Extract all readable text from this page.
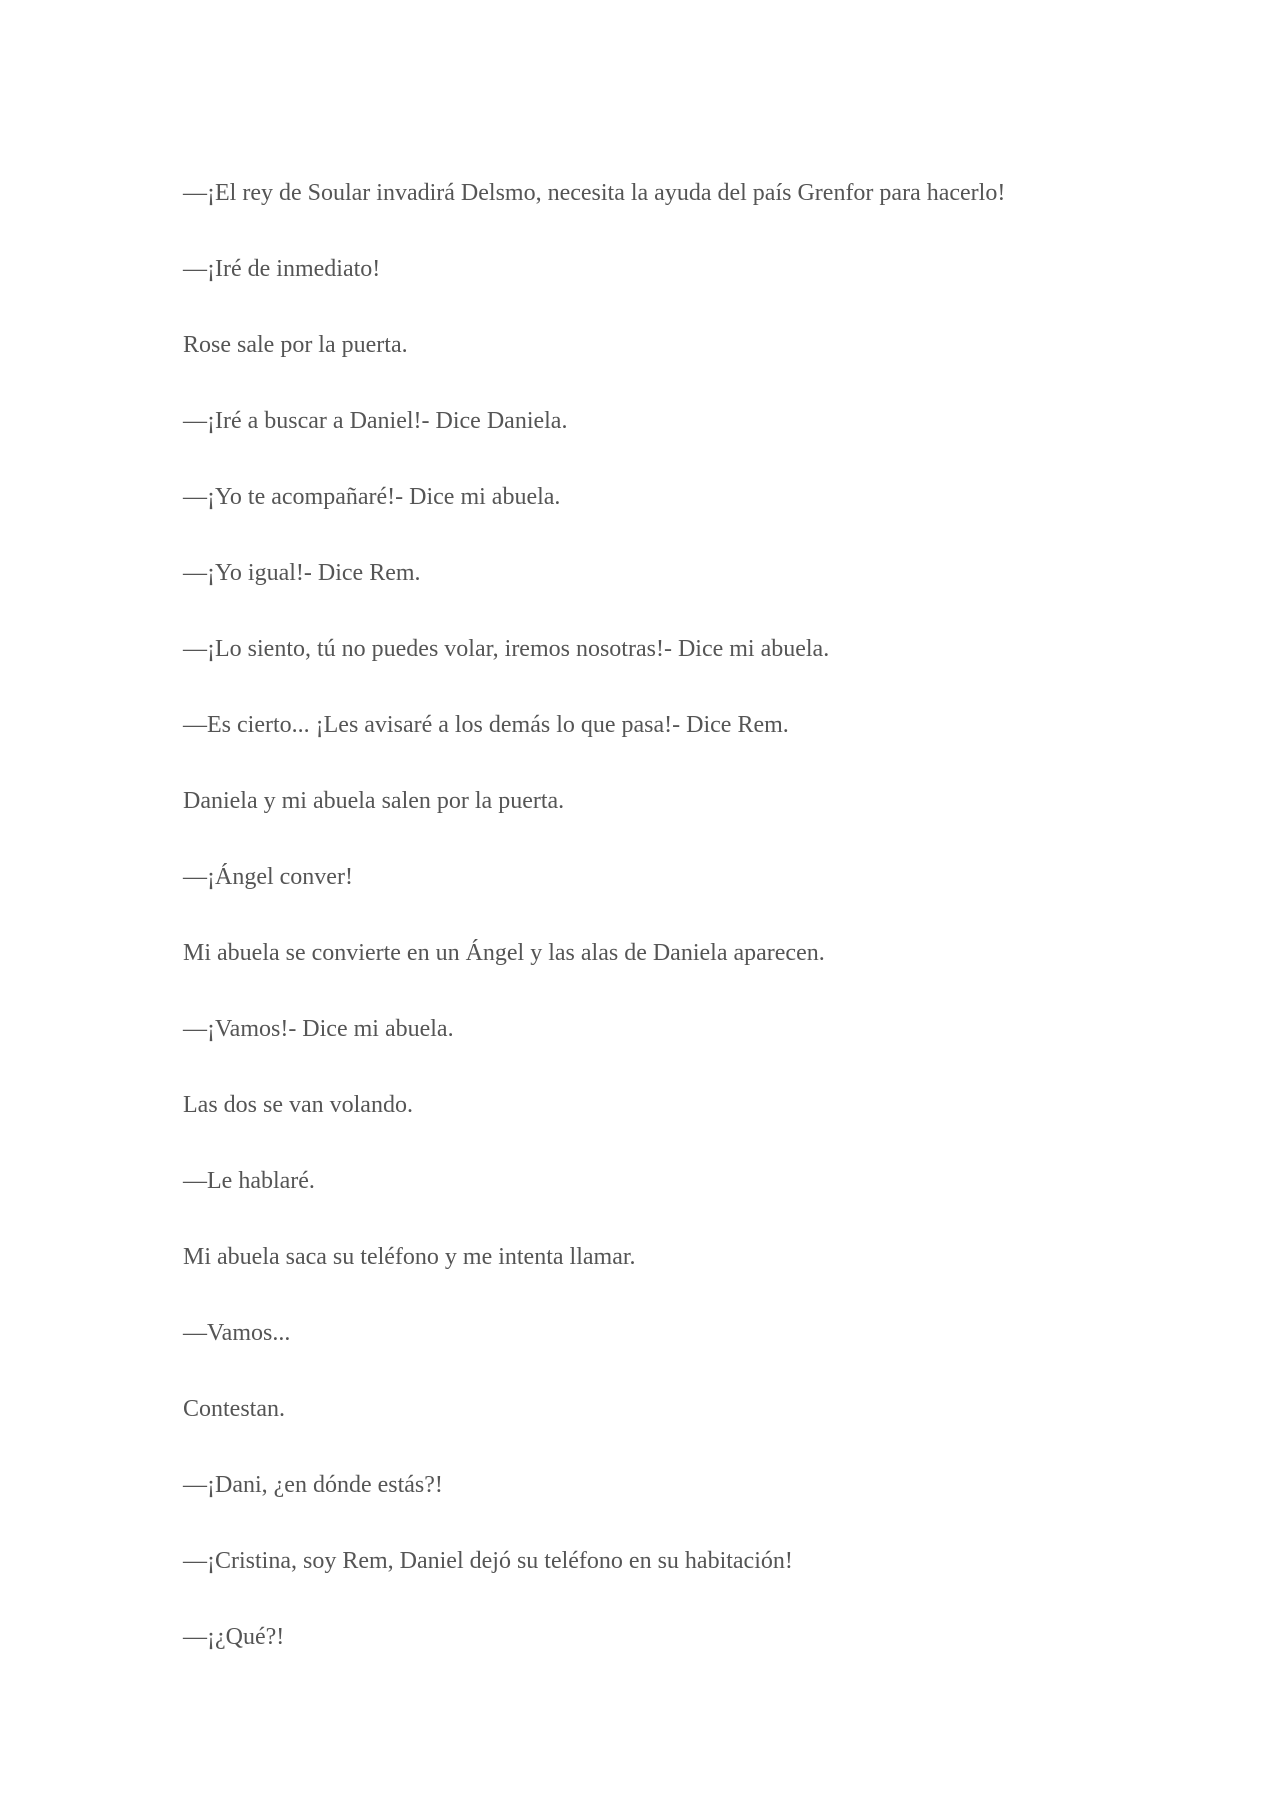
—¡El rey de Soular invadirá Delsmo, necesita la ayuda del país Grenfor para hacerlo!

—¡Iré de inmediato!

Rose sale por la puerta.

—¡Iré a buscar a Daniel!- Dice Daniela.

—¡Yo te acompañaré!- Dice mi abuela.

—¡Yo igual!- Dice Rem.

—¡Lo siento, tú no puedes volar, iremos nosotras!- Dice mi abuela.

—Es cierto... ¡Les avisaré a los demás lo que pasa!- Dice Rem.

Daniela y mi abuela salen por la puerta.

—¡Ángel conver!

Mi abuela se convierte en un Ángel y las alas de Daniela aparecen.

—¡Vamos!- Dice mi abuela.

Las dos se van volando.

—Le hablaré.

Mi abuela saca su teléfono y me intenta llamar.

—Vamos...

Contestan.

—¡Dani, ¿en dónde estás?!

—¡Cristina, soy Rem, Daniel dejó su teléfono en su habitación!

—¡¿Qué?!
